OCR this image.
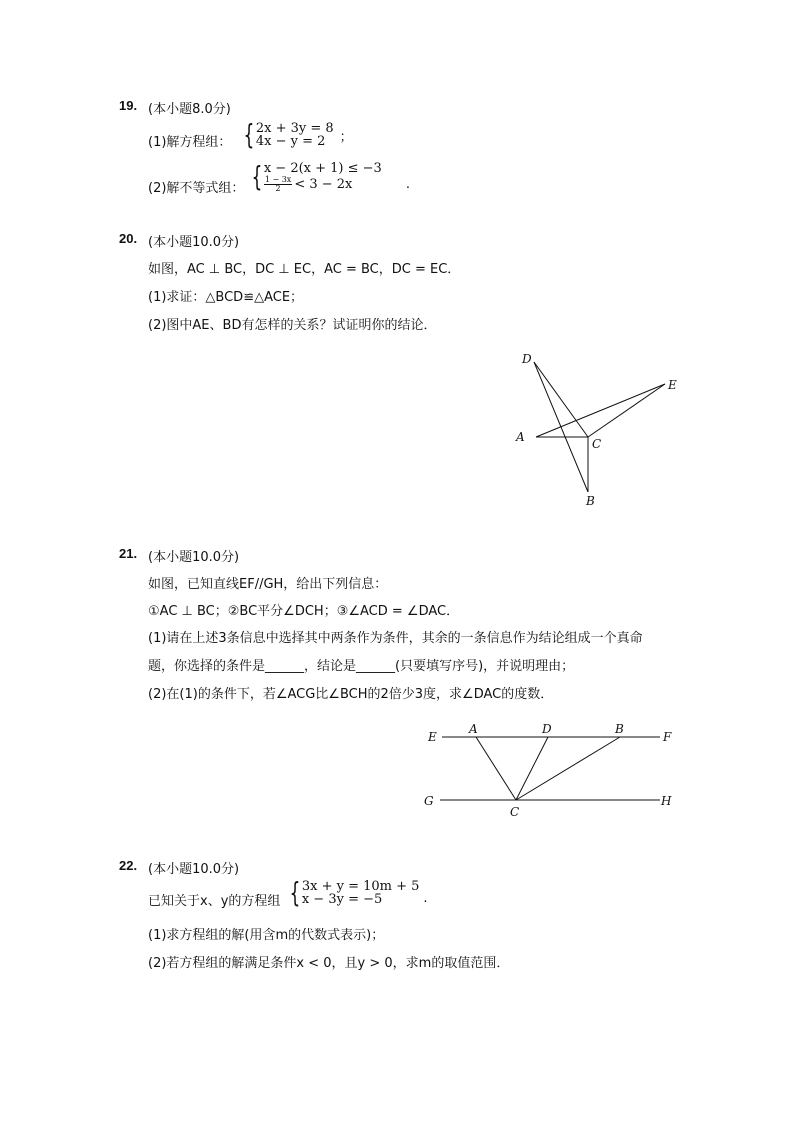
19. (本小题8.0分)
(1)解方程组： { 2x + 3y = 8
4x − y = 2	；
(2)解不等式组： { x − 2(x + 1) ≤ −3
$\frac{1 - 3x}{2} < 3 - 2x$	.
20. (本小题10.0分)
如图，AC ⊥ BC，DC ⊥ EC，AC = BC，DC = EC．
(1)求证：△BCD≌△ACE；
(2)图中AE、BD有怎样的关系？试证明你的结论．
D
E
A	C
B
21. (本小题10.0分)
如图，已知直线EF//GH，给出下列信息：
①AC ⊥ BC；②BC平分∠DCH；③∠ACD = ∠DAC．
(1)请在上述3条信息中选择其中两条作为条件，其余的一条信息作为结论组成一个真命
题，你选择的条件是______，结论是______(只要填写序号)，并说明理由；
(2)在(1)的条件下，若∠ACG比∠BCH的2倍少3度，求∠DAC的度数．
E
A	D	B
F
G
C
H
22. (本小题10.0分)
已知关于x、y的方程组 { 3x + y = 10m + 5
x − 3y = −5	.
(1)求方程组的解(用含m的代数式表示)；
(2)若方程组的解满足条件x < 0，且y > 0，求m的取值范围．
